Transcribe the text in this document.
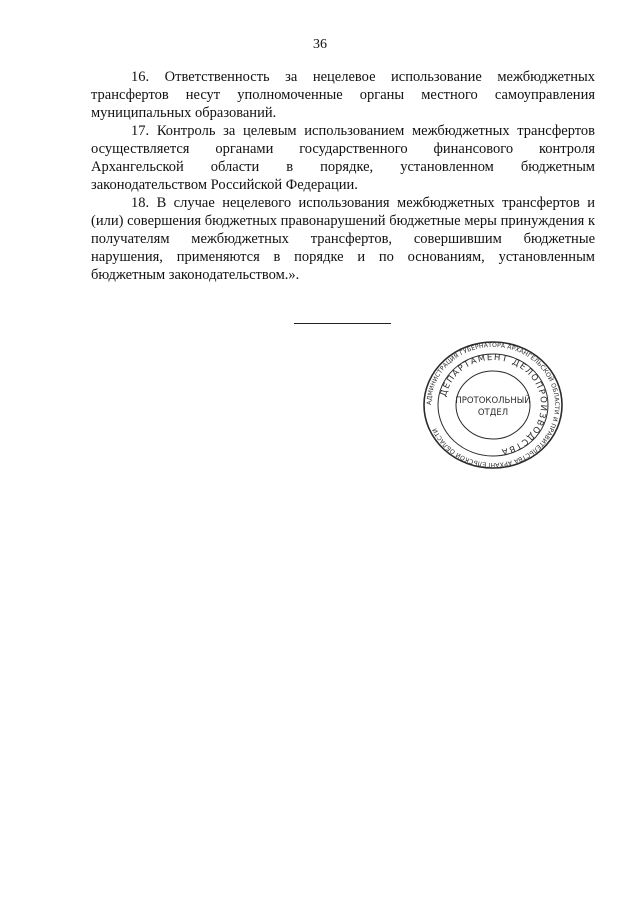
36

16. Ответственность за нецелевое использование межбюджетных трансфертов несут уполномоченные органы местного самоуправления муниципальных образований.

17. Контроль за целевым использованием межбюджетных трансфертов осуществляется органами государственного финансового контроля Архангельской области в порядке, установленном бюджетным законодательством Российской Федерации.

18. В случае нецелевого использования межбюджетных трансфертов и (или) совершения бюджетных правонарушений бюджетные меры принуждения к получателям межбюджетных трансфертов, совершившим бюджетные нарушения, применяются в порядке и по основаниям, установленным бюджетным законодательством.».

АДМИНИСТРАЦИЯ ГУБЕРНАТОРА АРХАНГЕЛЬСКОЙ ОБЛАСТИ И ПРАВИТЕЛЬСТВА АРХАНГЕЛЬСКОЙ ОБЛАСТИ
ДЕПАРТАМЕНТ ДЕЛОПРОИЗВОДСТВА
ПРОТОКОЛЬНЫЙ
ОТДЕЛ
